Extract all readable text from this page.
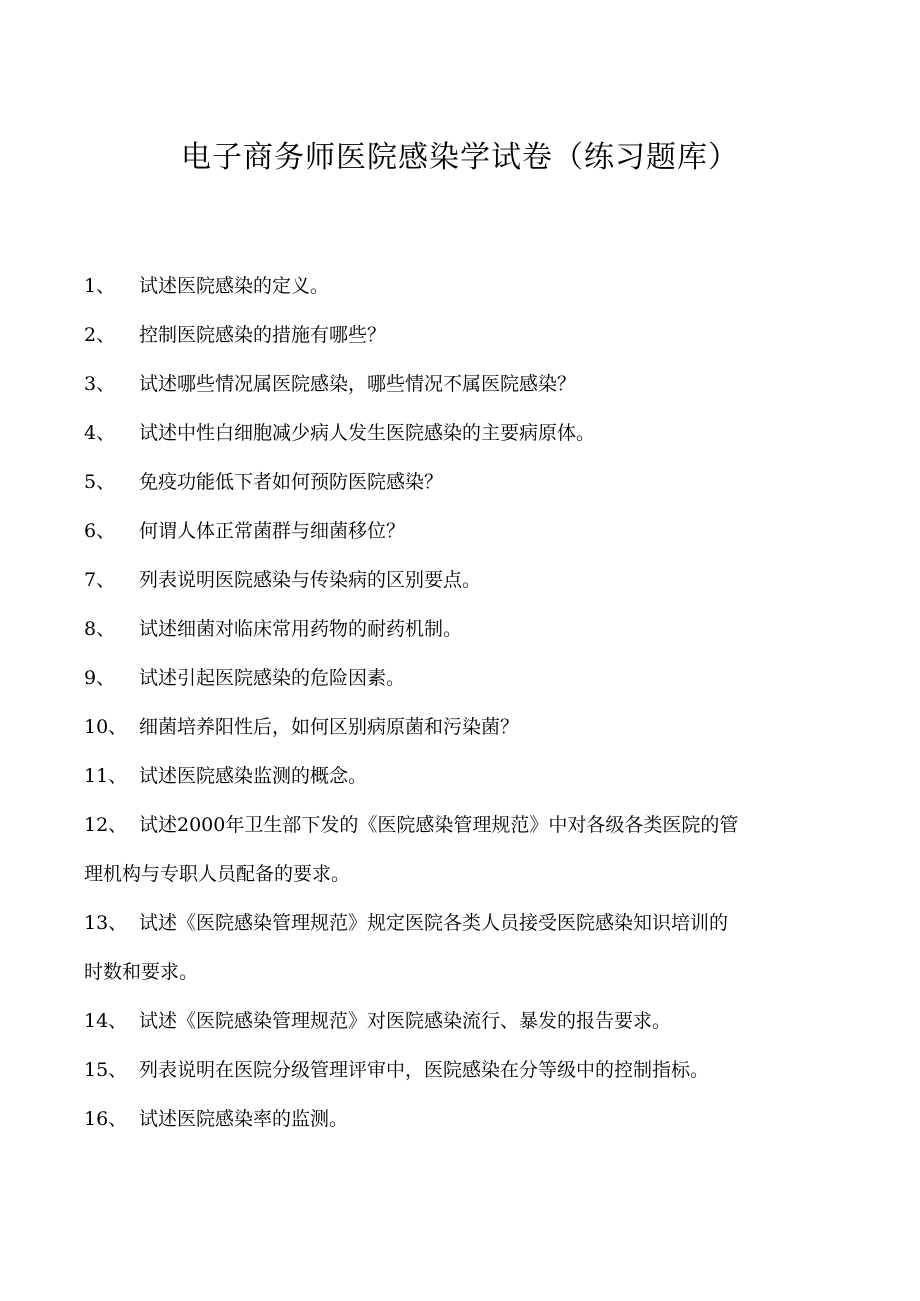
电子商务师医院感染学试卷（练习题库）
1、 试述医院感染的定义。
2、 控制医院感染的措施有哪些？
3、 试述哪些情况属医院感染，哪些情况不属医院感染？
4、 试述中性白细胞减少病人发生医院感染的主要病原体。
5、 免疫功能低下者如何预防医院感染？
6、 何谓人体正常菌群与细菌移位？
7、 列表说明医院感染与传染病的区别要点。
8、 试述细菌对临床常用药物的耐药机制。
9、 试述引起医院感染的危险因素。
10、 细菌培养阳性后，如何区别病原菌和污染菌？
11、 试述医院感染监测的概念。
12、 试述2000年卫生部下发的《医院感染管理规范》中对各级各类医院的管
理机构与专职人员配备的要求。
13、 试述《医院感染管理规范》规定医院各类人员接受医院感染知识培训的
时数和要求。
14、 试述《医院感染管理规范》对医院感染流行、暴发的报告要求。
15、 列表说明在医院分级管理评审中，医院感染在分等级中的控制指标。
16、 试述医院感染率的监测。
